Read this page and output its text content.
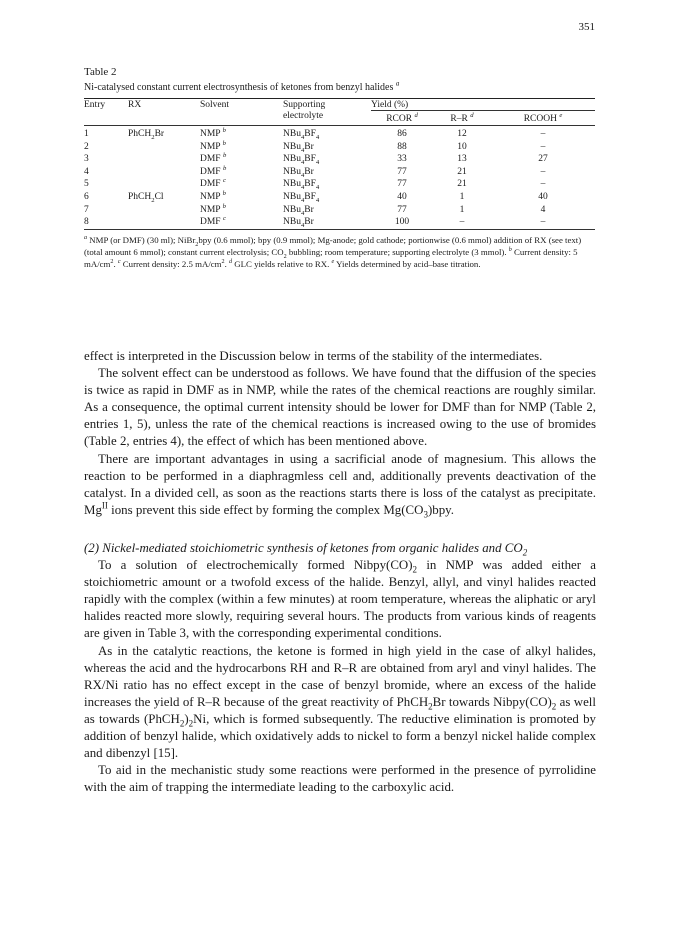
351
Table 2
Ni-catalysed constant current electrosynthesis of ketones from benzyl halides $^a$
Entry	RX	Solvent	Supporting
electrolyte	Yield (%)		
				RCOR $^d$	R–R $^d$	RCOOH $^e$

1	PhCH$_2$Br	NMP $^b$	$NBu_4BF_4$	86	12	–
2		NMP $^b$	NBu$_4$Br	88	10	–
3		DMF $^b$	$NBu_4BF_4$	33	13	27
4		DMF $^b$	NBu$_4$Br	77	21	–
5		DMF $^c$	$NBu_4BF_4$	77	21	–
6	PhCH$_2$Cl	NMP $^b$	$NBu_4BF_4$	40	1	40
7		NMP $^b$	NBu$_4$Br	77	1	4
8		DMF $^c$	NBu$_4$Br	100	–	–
$^a$ NMP (or DMF) (30 ml); NiBr$_2$bpy (0.6 mmol); bpy (0.9 mmol); Mg-anode; gold cathode; portionwise (0.6 mmol) addition of RX (see text) (total amount 6 mmol); constant current electrolysis; $CO_2$ bubbling; room temperature; supporting electrolyte (3 mmol). $^b$ Current density: 5 $mA/cm^2$. $^c$ Current density: 2.5 $mA/cm^2$. $^d$ GLC yields relative to RX. $^e$ Yields determined by acid–base titration.

effect is interpreted in the Discussion below in terms of the stability of the intermediates.

The solvent effect can be understood as follows. We have found that the diffusion of the species is twice as rapid in DMF as in NMP, while the rates of the chemical reactions are roughly similar. As a consequence, the optimal current intensity should be lower for DMF than for NMP (Table 2, entries 1, 5), unless the rate of the chemical reactions is increased owing to the use of bromides (Table 2, entries 4), the effect of which has been mentioned above.

There are important advantages in using a sacrificial anode of magnesium. This allows the reaction to be performed in a diaphragmless cell and, additionally prevents deactivation of the catalyst. In a divided cell, as soon as the reactions starts there is loss of the catalyst as precipitate. $Mg^{II}$ ions prevent this side effect by forming the complex $Mg(CO_3)bpy$.

(2) Nickel-mediated stoichiometric synthesis of ketones from organic halides and $CO_2$

To a solution of electrochemically formed $Nibpy(CO)_2$ in NMP was added either a stoichiometric amount or a twofold excess of the halide. Benzyl, allyl, and vinyl halides reacted rapidly with the complex (within a few minutes) at room temperature, whereas the aliphatic or aryl halides reacted more slowly, requiring several hours. The products from various kinds of reagents are given in Table 3, with the corresponding experimental conditions.

As in the catalytic reactions, the ketone is formed in high yield in the case of alkyl halides, whereas the acid and the hydrocarbons RH and R–R are obtained from aryl and vinyl halides. The RX/Ni ratio has no effect except in the case of benzyl bromide, where an excess of the halide increases the yield of R–R because of the great reactivity of PhCH$_2$Br towards $Nibpy(CO)_2$ as well as towards $(PhCH_2)_2Ni$, which is formed subsequently. The reductive elimination is promoted by addition of benzyl halide, which oxidatively adds to nickel to form a benzyl nickel halide complex and dibenzyl [15].

To aid in the mechanistic study some reactions were performed in the presence of pyrrolidine with the aim of trapping the intermediate leading to the carboxylic acid.
